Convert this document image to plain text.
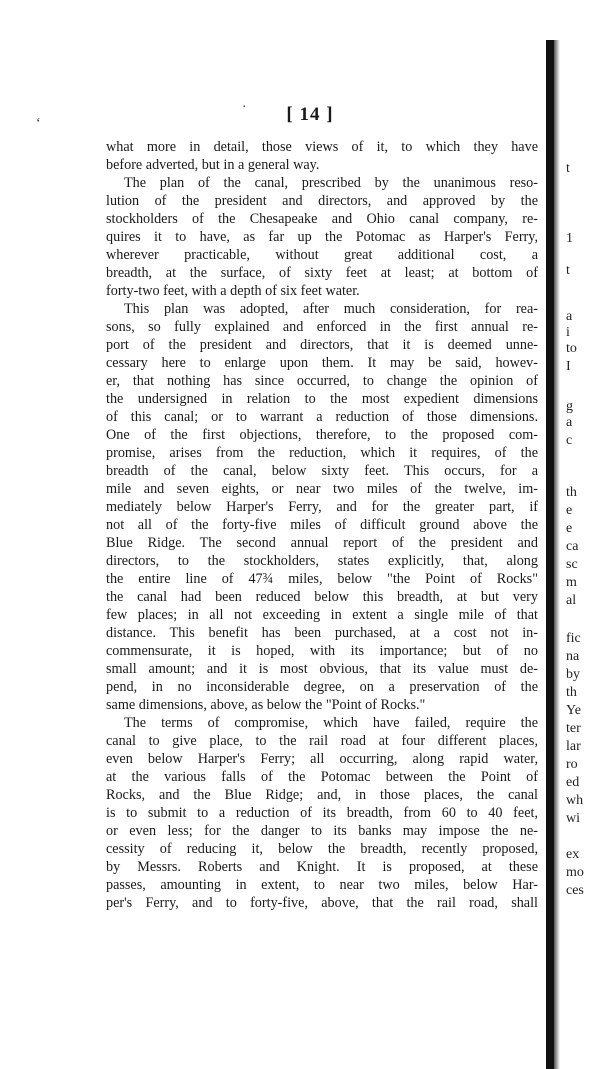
[ 14 ]
what more in detail, those views of it, to which they have
before adverted, but in a general way.
The plan of the canal, prescribed by the unanimous reso-
lution of the president and directors, and approved by the
stockholders of the Chesapeake and Ohio canal company, re-
quires it to have, as far up the Potomac as Harper's Ferry,
wherever practicable, without great additional cost, a
breadth, at the surface, of sixty feet at least; at bottom of
forty-two feet, with a depth of six feet water.
This plan was adopted, after much consideration, for rea-
sons, so fully explained and enforced in the first annual re-
port of the president and directors, that it is deemed unne-
cessary here to enlarge upon them. It may be said, howev-
er, that nothing has since occurred, to change the opinion of
the undersigned in relation to the most expedient dimensions
of this canal; or to warrant a reduction of those dimensions.
One of the first objections, therefore, to the proposed com-
promise, arises from the reduction, which it requires, of the
breadth of the canal, below sixty feet. This occurs, for a
mile and seven eights, or near two miles of the twelve, im-
mediately below Harper's Ferry, and for the greater part, if
not all of the forty-five miles of difficult ground above the
Blue Ridge. The second annual report of the president and
directors, to the stockholders, states explicitly, that, along
the entire line of 47¾ miles, below "the Point of Rocks"
the canal had been reduced below this breadth, at but very
few places; in all not exceeding in extent a single mile of that
distance. This benefit has been purchased, at a cost not in-
commensurate, it is hoped, with its importance; but of no
small amount; and it is most obvious, that its value must de-
pend, in no inconsiderable degree, on a preservation of the
same dimensions, above, as below the "Point of Rocks."
The terms of compromise, which have failed, require the
canal to give place, to the rail road at four different places,
even below Harper's Ferry; all occurring, along rapid water,
at the various falls of the Potomac between the Point of
Rocks, and the Blue Ridge; and, in those places, the canal
is to submit to a reduction of its breadth, from 60 to 40 feet,
or even less; for the danger to its banks may impose the ne-
cessity of reducing it, below the breadth, recently proposed,
by Messrs. Roberts and Knight. It is proposed, at these
passes, amounting in extent, to near two miles, below Har-
per's Ferry, and to forty-five, above, that the rail road, shall
t
1
t
a
i
to
I
g
a
c
th
e
e
ca
sc
m
al
fic
na
by
th
Ye
ter
lar
ro
ed
wh
wi
ex
mo
ces
‘
·
